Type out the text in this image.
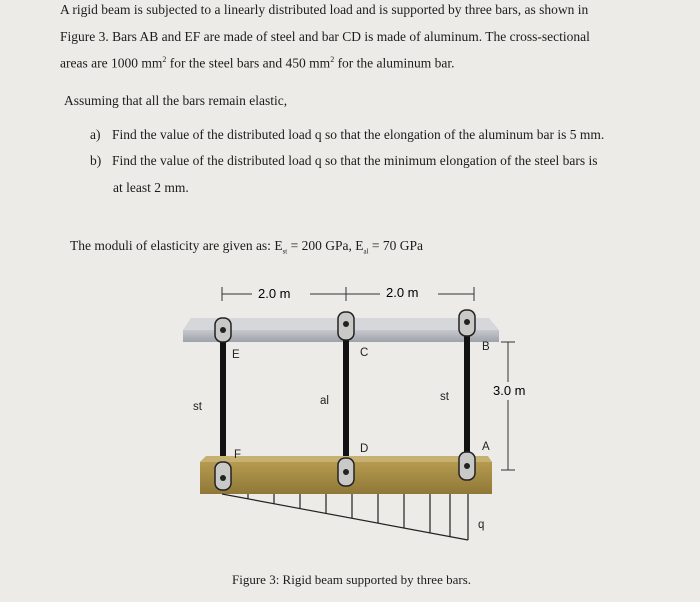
A rigid beam is subjected to a linearly distributed load and is supported by three bars, as shown in
Figure 3. Bars AB and EF are made of steel and bar CD is made of aluminum. The cross-sectional
areas are 1000 $mm^2$ for the steel bars and 450 $mm^2$ for the aluminum bar.
Assuming that all the bars remain elastic,
a) Find the value of the distributed load q so that the elongation of the aluminum bar is 5 mm.
b) Find the value of the distributed load q so that the minimum elongation of the steel bars is
at least 2 mm.
The moduli of elasticity are given as: $E_{st} = 200$ GPa, $E_{al} = 70$ GPa
2.0 m	2.0 m
3.0 m
E
F
C
D
B
A
st	al	st
q
Figure 3: Rigid beam supported by three bars.
